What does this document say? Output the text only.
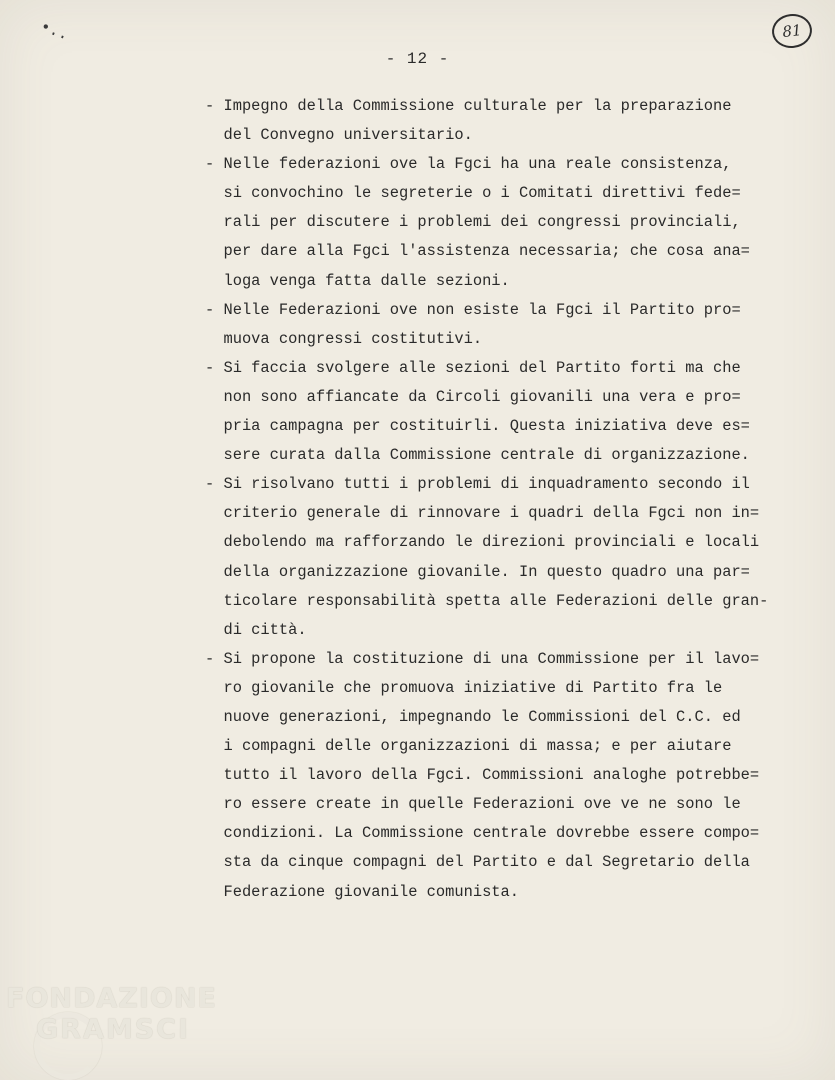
•..	81
- 12 -
- Impegno della Commissione culturale per la preparazione
del Convegno universitario.
- Nelle federazioni ove la Fgci ha una reale consistenza,
si convochino le segreterie o i Comitati direttivi fede=
rali per discutere i problemi dei congressi provinciali,
per dare alla Fgci l'assistenza necessaria; che cosa ana=
loga venga fatta dalle sezioni.
- Nelle Federazioni ove non esiste la Fgci il Partito pro=
muova congressi costitutivi.
- Si faccia svolgere alle sezioni del Partito forti ma che
non sono affiancate da Circoli giovanili una vera e pro=
pria campagna per costituirli. Questa iniziativa deve es=
sere curata dalla Commissione centrale di organizzazione.
- Si risolvano tutti i problemi di inquadramento secondo il
criterio generale di rinnovare i quadri della Fgci non in=
debolendo ma rafforzando le direzioni provinciali e locali
della organizzazione giovanile. In questo quadro una par=
ticolare responsabilità spetta alle Federazioni delle gran-
di città.
- Si propone la costituzione di una Commissione per il lavo=
ro giovanile che promuova iniziative di Partito fra le
nuove generazioni, impegnando le Commissioni del C.C. ed
i compagni delle organizzazioni di massa; e per aiutare
tutto il lavoro della Fgci. Commissioni analoghe potrebbe=
ro essere create in quelle Federazioni ove ve ne sono le
condizioni. La Commissione centrale dovrebbe essere compo=
sta da cinque compagni del Partito e dal Segretario della
Federazione giovanile comunista.
FONDAZIONE
GRAMSCI
